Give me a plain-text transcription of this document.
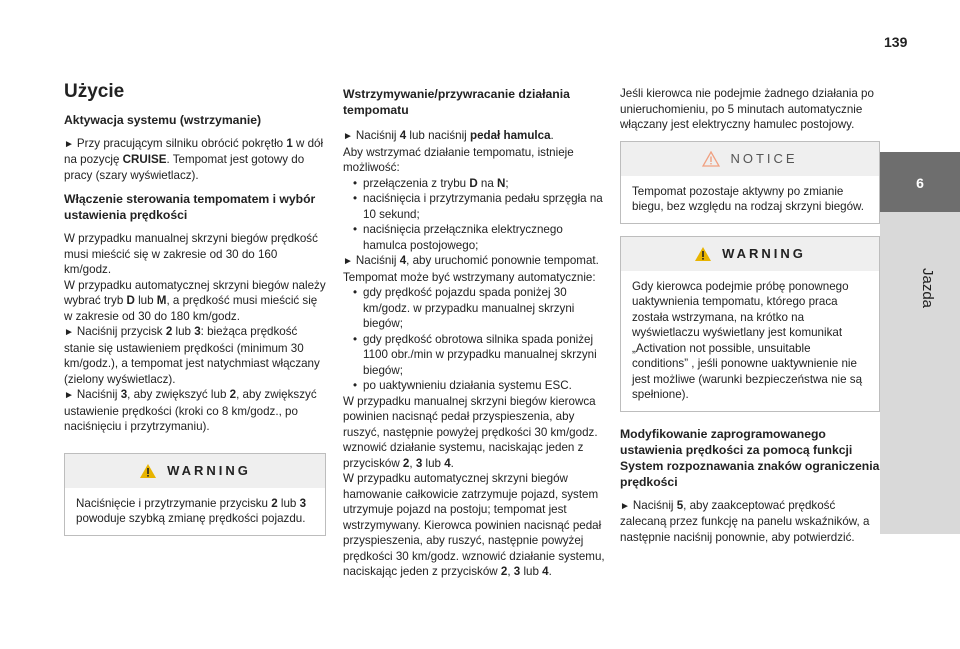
139
6
Jazda
Użycie
Aktywacja systemu (wstrzymanie)

► Przy pracującym silniku obrócić pokrętło 1 w dół na pozycję CRUISE. Tempomat jest gotowy do pracy (szary wyświetlacz).

Włączenie sterowania tempomatem i wybór ustawienia prędkości

W przypadku manualnej skrzyni biegów prędkość musi mieścić się w zakresie od 30 do 160 km/godz.

W przypadku automatycznej skrzyni biegów należy wybrać tryb D lub M, a prędkość musi mieścić się w zakresie od 30 do 180 km/godz.

► Naciśnij przycisk 2 lub 3: bieżąca prędkość stanie się ustawieniem prędkości (minimum 30 km/godz.), a tempomat jest natychmiast włączany (zielony wyświetlacz).

► Naciśnij 3, aby zwiększyć lub 2, aby zwiększyć ustawienie prędkości (kroki co 8 km/godz., po naciśnięciu i przytrzymaniu).

WARNING
Naciśnięcie i przytrzymanie przycisku 2 lub 3 powoduje szybką zmianę prędkości pojazdu.
Wstrzymywanie/przywracanie działania tempomatu

► Naciśnij 4 lub naciśnij pedał hamulca.

Aby wstrzymać działanie tempomatu, istnieje możliwość:

• przełączenia z trybu D na N;
• naciśnięcia i przytrzymania pedału sprzęgła na 10 sekund;
• naciśnięcia przełącznika elektrycznego hamulca postojowego;

► Naciśnij 4, aby uruchomić ponownie tempomat. Tempomat może być wstrzymany automatycznie:

• gdy prędkość pojazdu spada poniżej 30 km/godz. w przypadku manualnej skrzyni biegów;
• gdy prędkość obrotowa silnika spada poniżej 1100 obr./min w przypadku manualnej skrzyni biegów;
• po uaktywnieniu działania systemu ESC.

W przypadku manualnej skrzyni biegów kierowca powinien nacisnąć pedał przyspieszenia, aby ruszyć, następnie powyżej prędkości 30 km/godz. wznowić działanie systemu, naciskając jeden z przycisków 2, 3 lub 4.

W przypadku automatycznej skrzyni biegów hamowanie całkowicie zatrzymuje pojazd, system utrzymuje pojazd na postoju; tempomat jest wstrzymywany. Kierowca powinien nacisnąć pedał przyspieszenia, aby ruszyć, następnie powyżej prędkości 30 km/godz. wznowić działanie systemu, naciskając jeden z przycisków 2, 3 lub 4.

Jeśli kierowca nie podejmie żadnego działania po unieruchomieniu, po 5 minutach automatycznie włączany jest elektryczny hamulec postojowy.

NOTICE
Tempomat pozostaje aktywny po zmianie biegu, bez względu na rodzaj skrzyni biegów.
WARNING
Gdy kierowca podejmie próbę ponownego uaktywnienia tempomatu, którego praca została wstrzymana, na krótko na wyświetlaczu wyświetlany jest komunikat „Activation not possible, unsuitable conditions” , jeśli ponowne uaktywnienie nie jest możliwe (warunki bezpieczeństwa nie są spełnione).
Modyfikowanie zaprogramowanego ustawienia prędkości za pomocą funkcji System rozpoznawania znaków ograniczenia prędkości

► Naciśnij 5, aby zaakceptować prędkość zalecaną przez funkcję na panelu wskaźników, a następnie naciśnij ponownie, aby potwierdzić.
